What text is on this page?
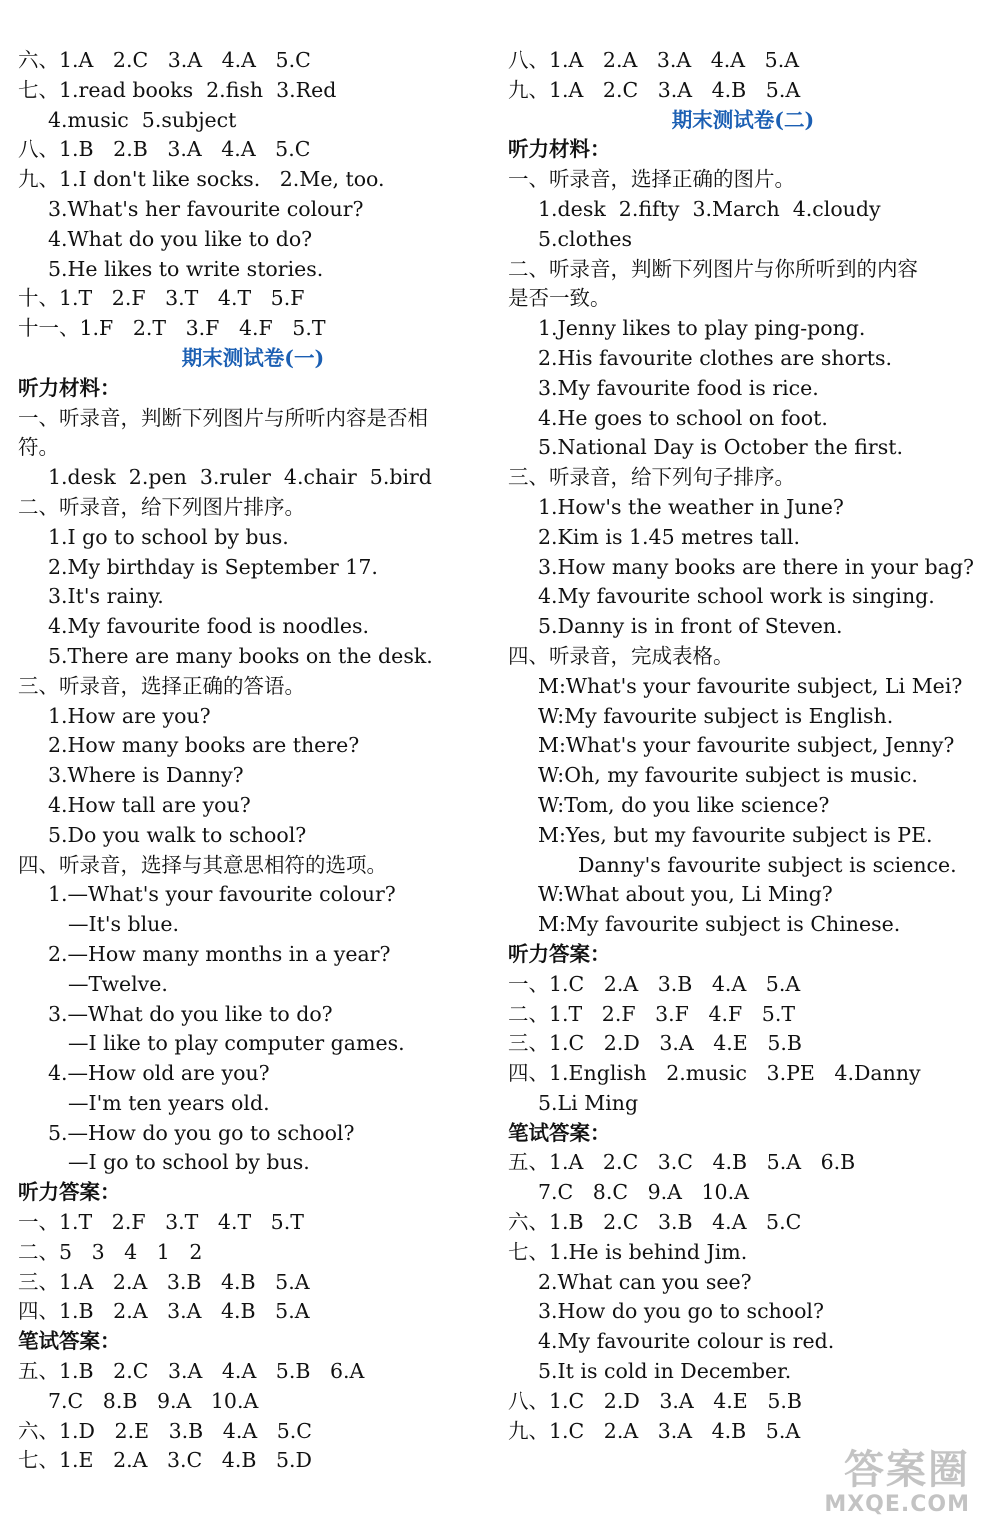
六、1.A   2.C   3.A   4.A   5.C
七、1.read books  2.fish  3.Red
4.music  5.subject
八、1.B   2.B   3.A   4.A   5.C
九、1.I don't like socks.   2.Me, too.
3.What's her favourite colour?
4.What do you like to do?
5.He likes to write stories.
十、1.T   2.F   3.T   4.T   5.F
十一、1.F   2.T   3.F   4.F   5.T
期末测试卷(一)
听力材料：
一、听录音，判断下列图片与所听内容是否相
符。
1.desk  2.pen  3.ruler  4.chair  5.bird
二、听录音，给下列图片排序。
1.I go to school by bus.
2.My birthday is September 17.
3.It's rainy.
4.My favourite food is noodles.
5.There are many books on the desk.
三、听录音，选择正确的答语。
1.How are you?
2.How many books are there?
3.Where is Danny?
4.How tall are you?
5.Do you walk to school?
四、听录音，选择与其意思相符的选项。
1.—What's your favourite colour?
—It's blue.
2.—How many months in a year?
—Twelve.
3.—What do you like to do?
—I like to play computer games.
4.—How old are you?
—I'm ten years old.
5.—How do you go to school?
—I go to school by bus.
听力答案：
一、1.T   2.F   3.T   4.T   5.T
二、5   3   4   1   2
三、1.A   2.A   3.B   4.B   5.A
四、1.B   2.A   3.A   4.B   5.A
笔试答案：
五、1.B   2.C   3.A   4.A   5.B   6.A
7.C   8.B   9.A   10.A
六、1.D   2.E   3.B   4.A   5.C
七、1.E   2.A   3.C   4.B   5.D
八、1.A   2.A   3.A   4.A   5.A
九、1.A   2.C   3.A   4.B   5.A
期末测试卷(二)
听力材料：
一、听录音，选择正确的图片。
1.desk  2.fifty  3.March  4.cloudy
5.clothes
二、听录音，判断下列图片与你所听到的内容
是否一致。
1.Jenny likes to play ping-pong.
2.His favourite clothes are shorts.
3.My favourite food is rice.
4.He goes to school on foot.
5.National Day is October the first.
三、听录音，给下列句子排序。
1.How's the weather in June?
2.Kim is 1.45 metres tall.
3.How many books are there in your bag?
4.My favourite school work is singing.
5.Danny is in front of Steven.
四、听录音，完成表格。
M:What's your favourite subject, Li Mei?
W:My favourite subject is English.
M:What's your favourite subject, Jenny?
W:Oh, my favourite subject is music.
W:Tom, do you like science?
M:Yes, but my favourite subject is PE.
Danny's favourite subject is science.
W:What about you, Li Ming?
M:My favourite subject is Chinese.
听力答案：
一、1.C   2.A   3.B   4.A   5.A
二、1.T   2.F   3.F   4.F   5.T
三、1.C   2.D   3.A   4.E   5.B
四、1.English   2.music   3.PE   4.Danny
5.Li Ming
笔试答案：
五、1.A   2.C   3.C   4.B   5.A   6.B
7.C   8.C   9.A   10.A
六、1.B   2.C   3.B   4.A   5.C
七、1.He is behind Jim.
2.What can you see?
3.How do you go to school?
4.My favourite colour is red.
5.It is cold in December.
八、1.C   2.D   3.A   4.E   5.B
九、1.C   2.A   3.A   4.B   5.A
答案圈
MXQE.COM
